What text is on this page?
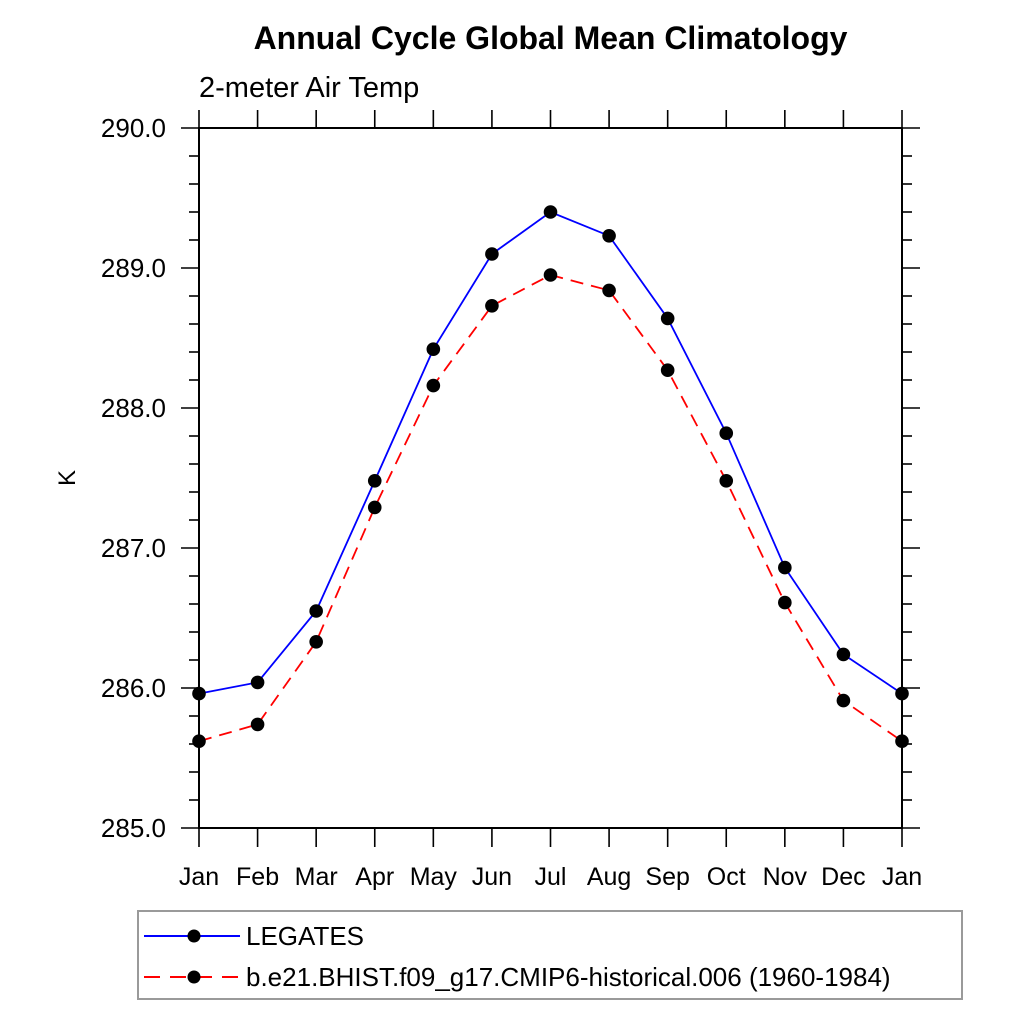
Annual Cycle Global Mean Climatology
2-meter Air Temp
K
Jan Feb Mar Apr May Jun Jul Aug Sep Oct Nov Dec Jan
285.0
286.0
287.0
288.0
289.0
290.0
LEGATES
b.e21.BHIST.f09_g17.CMIP6-historical.006 (1960-1984)
